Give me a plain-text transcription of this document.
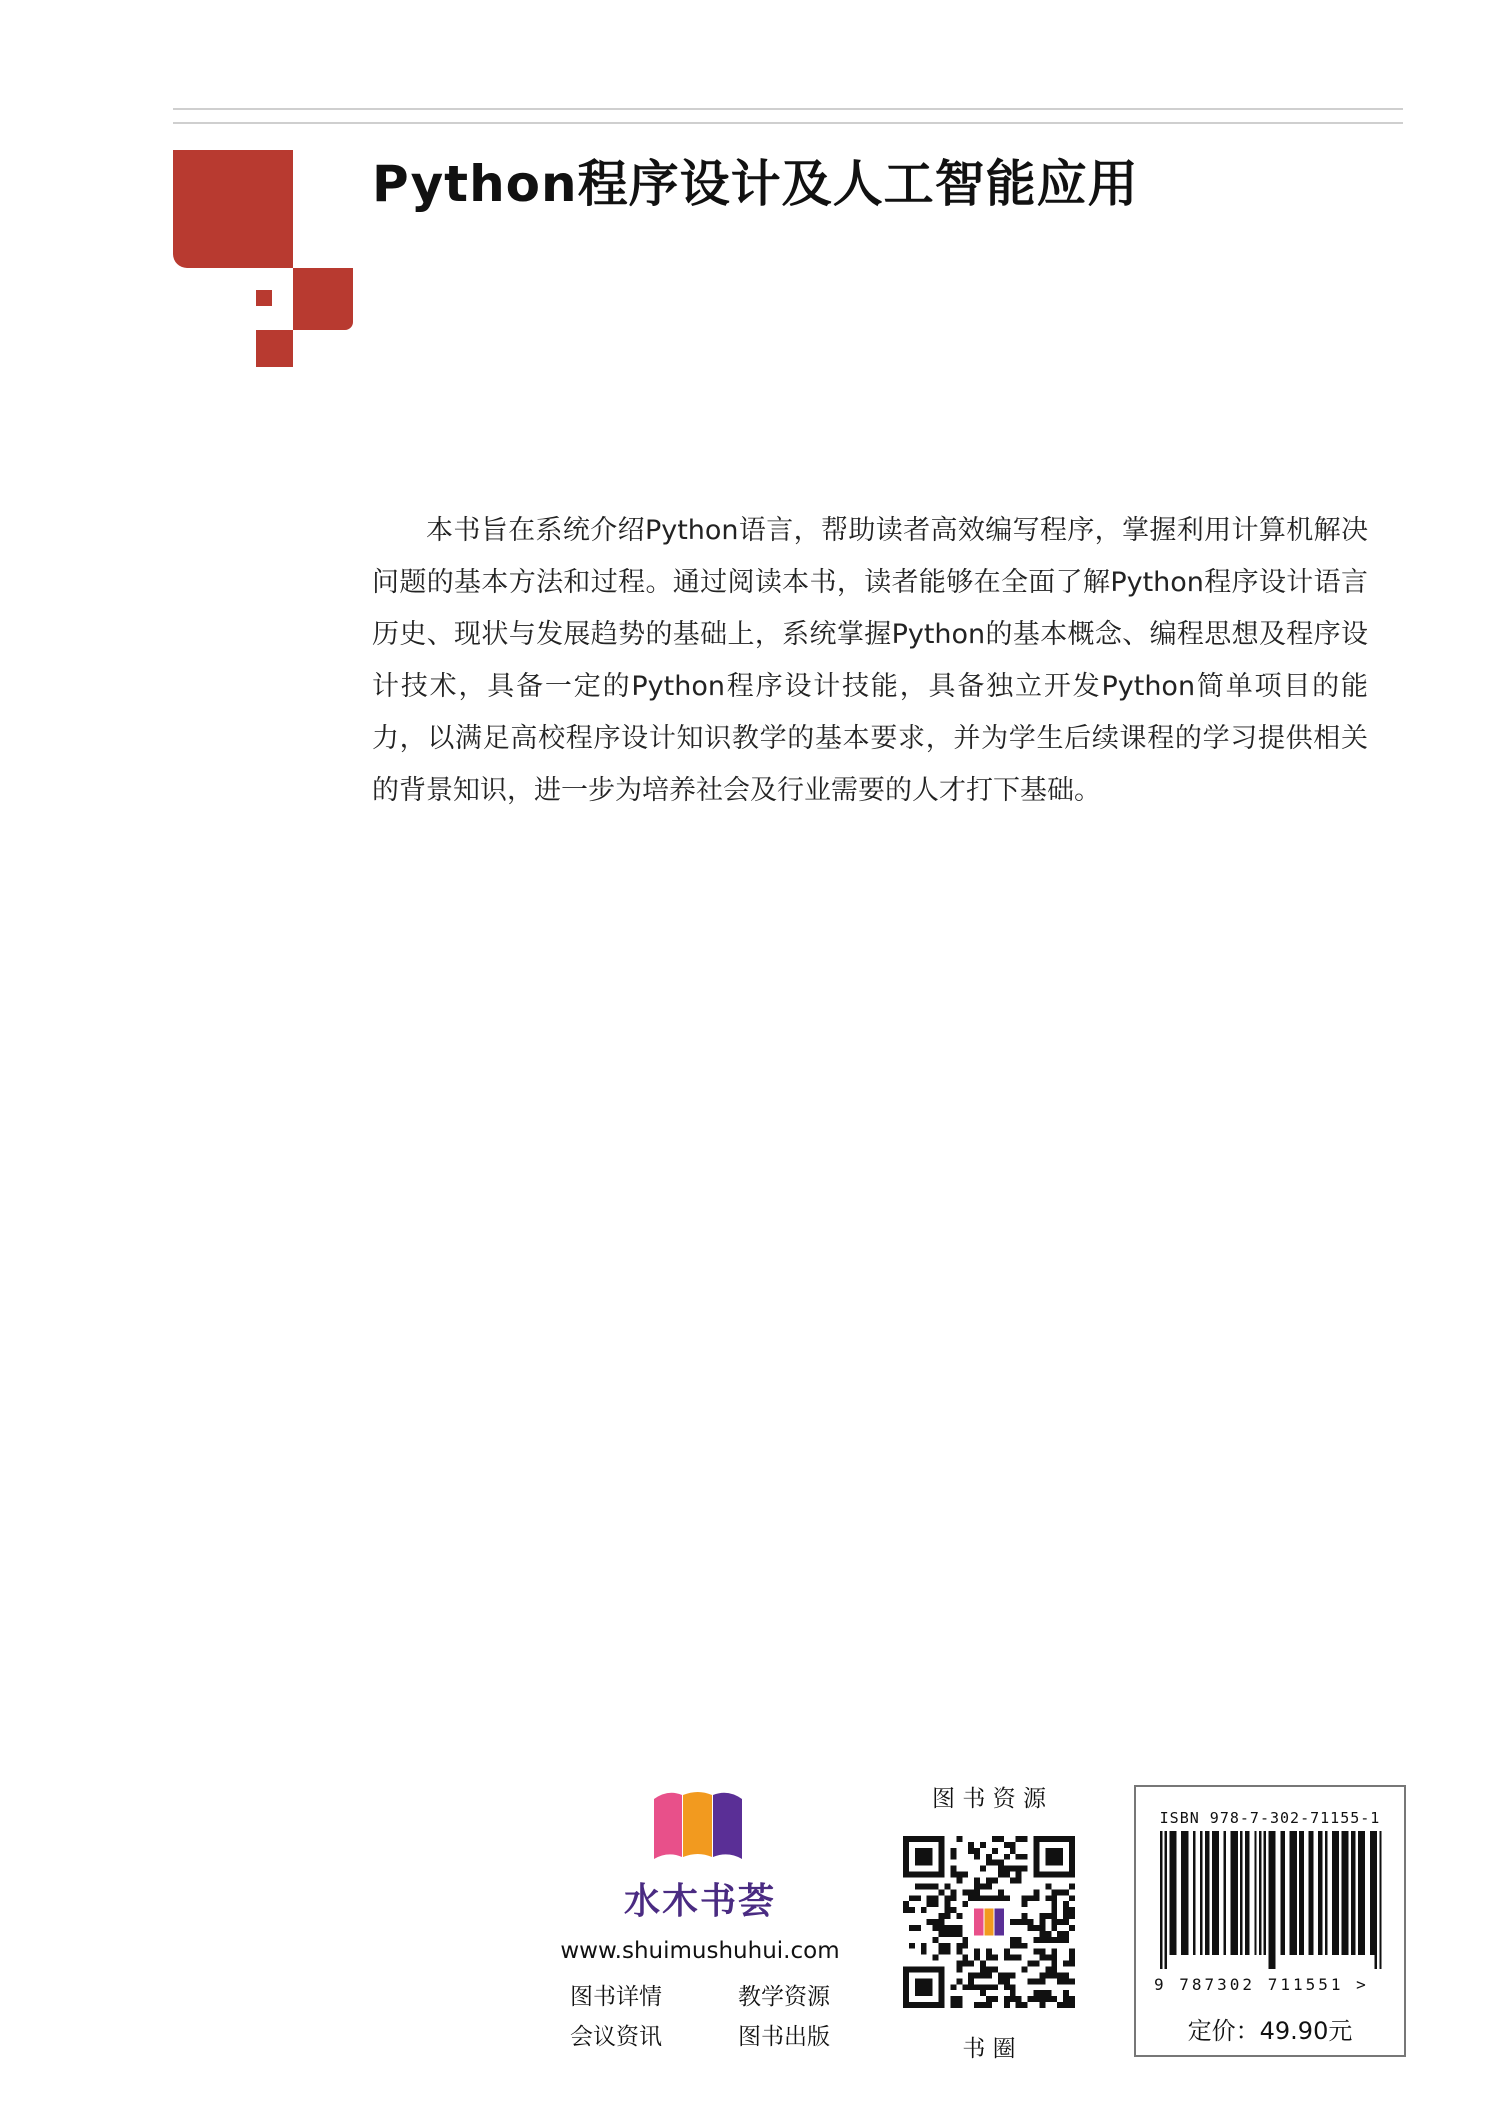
Python程序设计及人工智能应用

本书旨在系统介绍Python语言，帮助读者高效编写程序，掌握利用计算机解决问题的基本方法和过程。通过阅读本书，读者能够在全面了解Python程序设计语言历史、现状与发展趋势的基础上，系统掌握Python的基本概念、编程思想及程序设计技术，具备一定的Python程序设计技能，具备独立开发Python简单项目的能力，以满足高校程序设计知识教学的基本要求，并为学生后续课程的学习提供相关的背景知识，进一步为培养社会及行业需要的人才打下基础。

水木书荟
www.shuimushuhui.com
图书详情	教学资源
会议资讯	图书出版
图 书 资 源
书 圈
ISBN 978-7-302-71155-1
9 787302 711551 >
定价：49.90元
